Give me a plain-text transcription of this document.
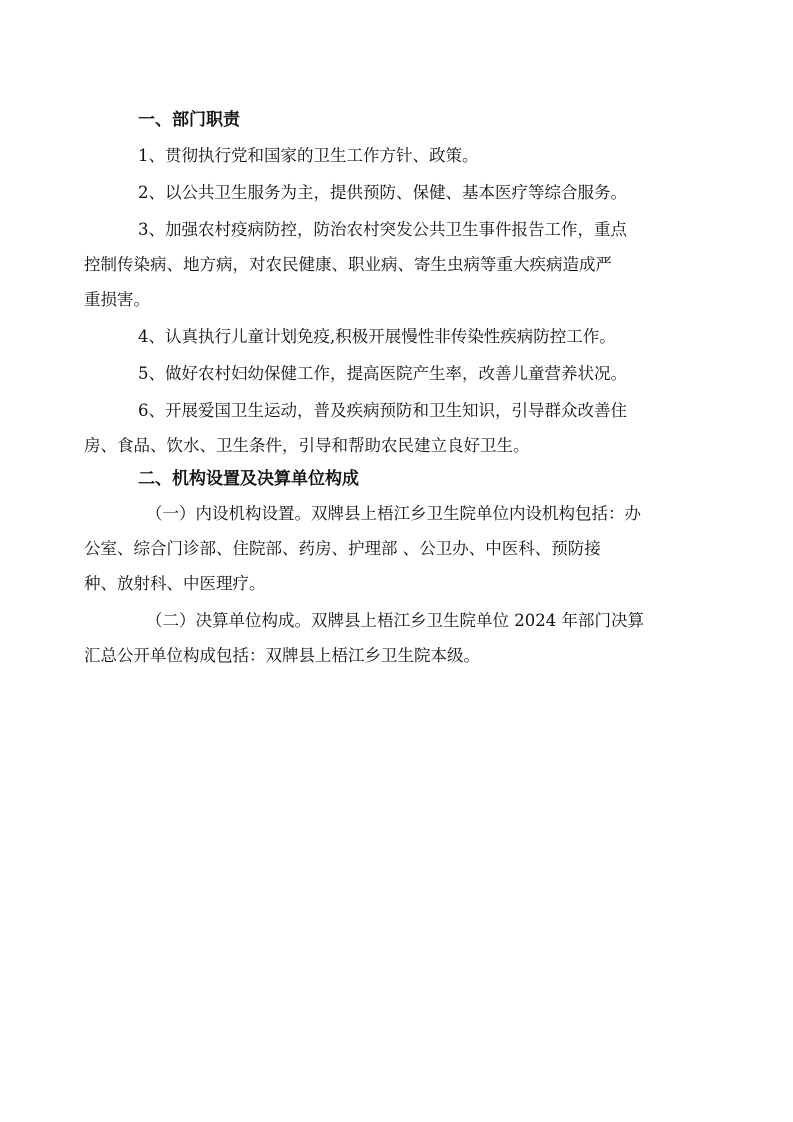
一、部门职责
1、贯彻执行党和国家的卫生工作方针、政策。
2、以公共卫生服务为主，提供预防、保健、基本医疗等综合服务。
3、加强农村疫病防控，防治农村突发公共卫生事件报告工作，重点
控制传染病、地方病，对农民健康、职业病、寄生虫病等重大疾病造成严
重损害。
4、认真执行儿童计划免疫,积极开展慢性非传染性疾病防控工作。
5、做好农村妇幼保健工作，提高医院产生率，改善儿童营养状况。
6、开展爱国卫生运动，普及疾病预防和卫生知识，引导群众改善住
房、食品、饮水、卫生条件，引导和帮助农民建立良好卫生。
二、机构设置及决算单位构成
（一）内设机构设置。双牌县上梧江乡卫生院单位内设机构包括：办
公室、综合门诊部、住院部、药房、护理部 、公卫办、中医科、预防接
种、放射科、中医理疗。
（二）决算单位构成。双牌县上梧江乡卫生院单位 2024 年部门决算
汇总公开单位构成包括：双牌县上梧江乡卫生院本级。
